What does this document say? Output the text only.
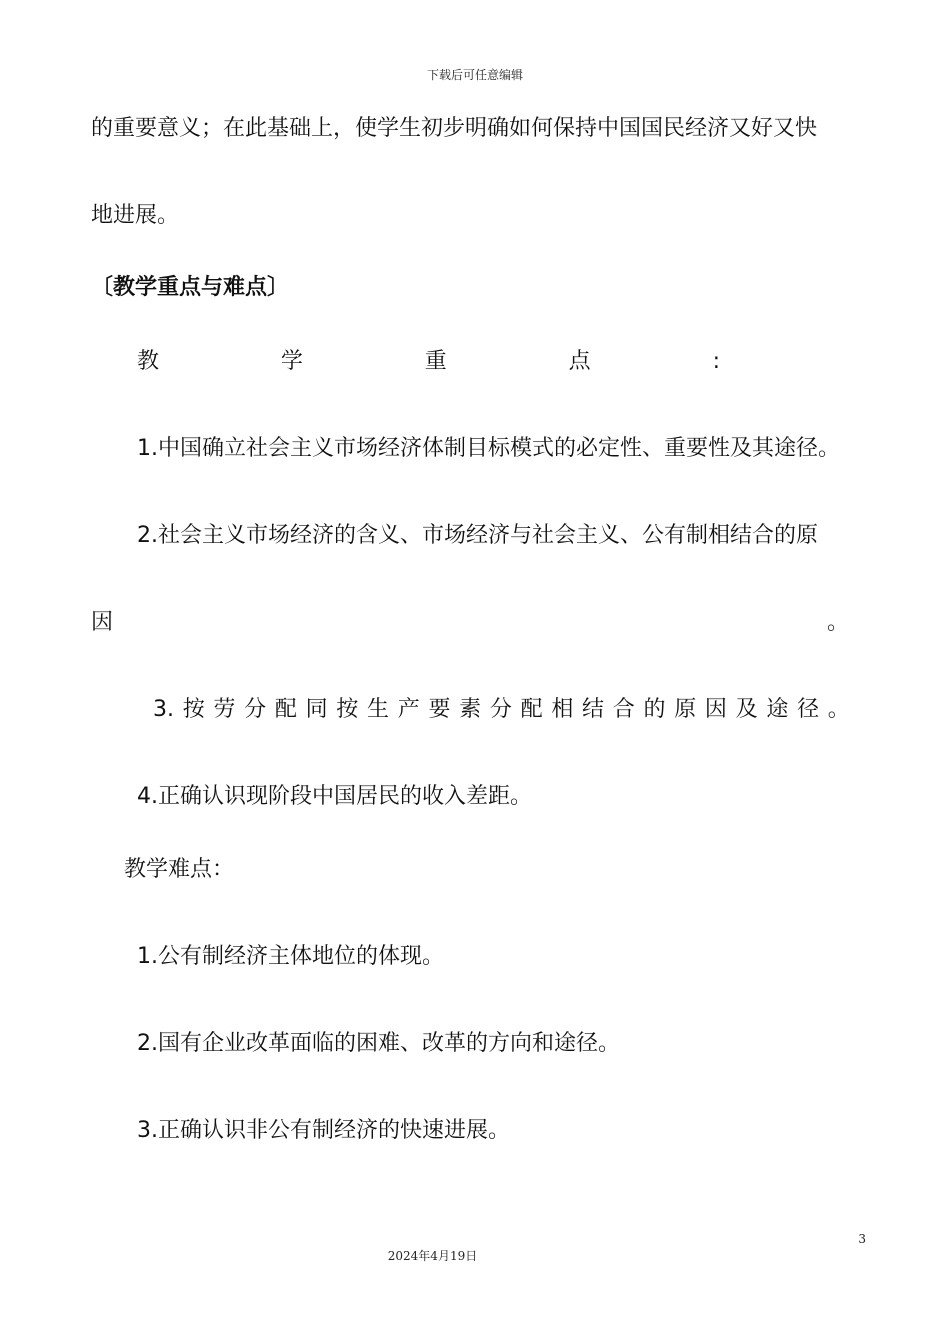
下载后可任意编辑
的重要意义；在此基础上，使学生初步明确如何保持中国国民经济又好又快
地进展。
〔教学重点与难点〕
教	学	重	点	:
1.中国确立社会主义市场经济体制目标模式的必定性、重要性及其途径。
2.社会主义市场经济的含义、市场经济与社会主义、公有制相结合的原
因	。
3. 按 劳 分 配 同 按 生 产 要 素 分 配 相 结 合 的 原 因 及 途 径 。
4.正确认识现阶段中国居民的收入差距。
教学难点：
1.公有制经济主体地位的体现。
2.国有企业改革面临的困难、改革的方向和途径。
3.正确认识非公有制经济的快速进展。
3
2024年4月19日
